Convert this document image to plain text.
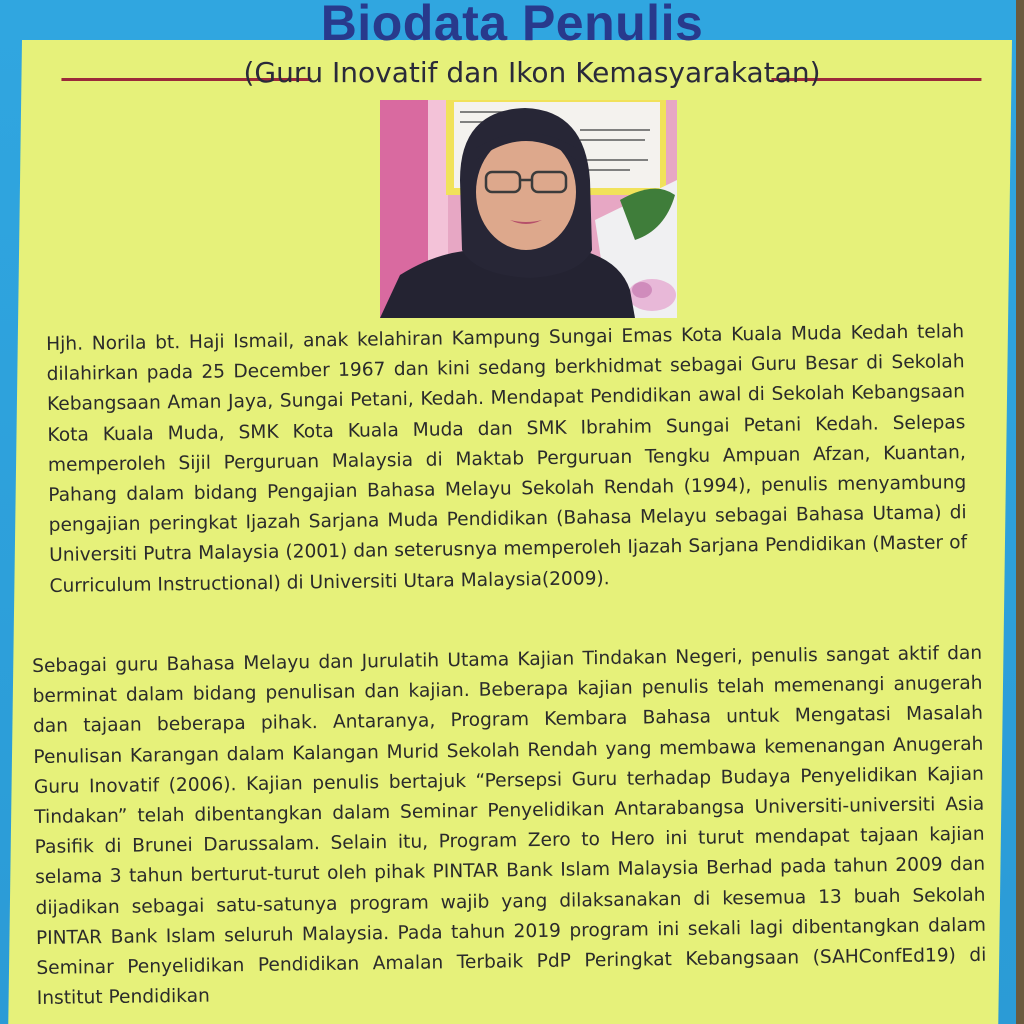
Biodata Penulis

(Guru Inovatif dan Ikon Kemasyarakatan)

Hjh. Norila bt. Haji Ismail, anak kelahiran Kampung Sungai Emas Kota Kuala Muda Kedah telah dilahirkan pada 25 December 1967 dan kini sedang berkhidmat sebagai Guru Besar di Sekolah Kebangsaan Aman Jaya, Sungai Petani, Kedah. Mendapat Pendidikan awal di Sekolah Kebangsaan Kota Kuala Muda, SMK Kota Kuala Muda dan SMK Ibrahim Sungai Petani Kedah. Selepas memperoleh Sijil Perguruan Malaysia di Maktab Perguruan Tengku Ampuan Afzan, Kuantan, Pahang dalam bidang Pengajian Bahasa Melayu Sekolah Rendah (1994), penulis menyambung pengajian peringkat Ijazah Sarjana Muda Pendidikan (Bahasa Melayu sebagai Bahasa Utama) di Universiti Putra Malaysia (2001) dan seterusnya memperoleh Ijazah Sarjana Pendidikan (Master of Curriculum Instructional) di Universiti Utara Malaysia(2009).

Sebagai guru Bahasa Melayu dan Jurulatih Utama Kajian Tindakan Negeri, penulis sangat aktif dan berminat dalam bidang penulisan dan kajian. Beberapa kajian penulis telah memenangi anugerah dan tajaan beberapa pihak. Antaranya, Program Kembara Bahasa untuk Mengatasi Masalah Penulisan Karangan dalam Kalangan Murid Sekolah Rendah yang membawa kemenangan Anugerah Guru Inovatif (2006). Kajian penulis bertajuk “Persepsi Guru terhadap Budaya Penyelidikan Kajian Tindakan” telah dibentangkan dalam Seminar Penyelidikan Antarabangsa Universiti-universiti Asia Pasifik di Brunei Darussalam. Selain itu, Program Zero to Hero ini turut mendapat tajaan kajian selama 3 tahun berturut-turut oleh pihak PINTAR Bank Islam Malaysia Berhad pada tahun 2009 dan dijadikan sebagai satu-satunya program wajib yang dilaksanakan di kesemua 13 buah Sekolah PINTAR Bank Islam seluruh Malaysia. Pada tahun 2019 program ini sekali lagi dibentangkan dalam Seminar Penyelidikan Pendidikan Amalan Terbaik PdP Peringkat Kebangsaan (SAHConfEd19) di Institut Pendidikan
